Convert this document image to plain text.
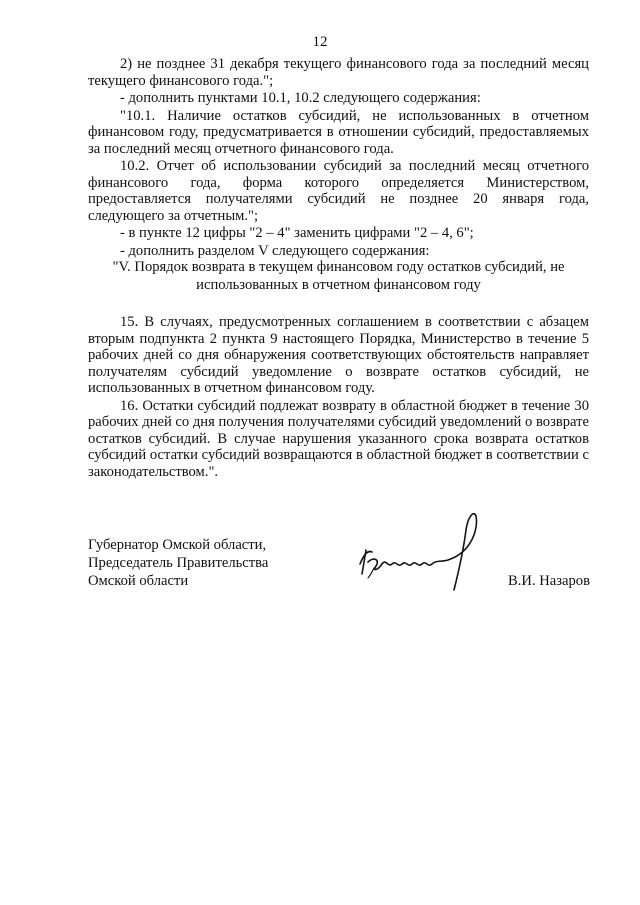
12

2) не позднее 31 декабря текущего финансового года за последний месяц текущего финансового года.";

- дополнить пунктами 10.1, 10.2 следующего содержания:

"10.1. Наличие остатков субсидий, не использованных в отчетном финансовом году, предусматривается в отношении субсидий, предоставляемых за последний месяц отчетного финансового года.

10.2. Отчет об использовании субсидий за последний месяц отчетного финансового года, форма которого определяется Министерством, предоставляется получателями субсидий не позднее 20 января года, следующего за отчетным.";

- в пункте 12 цифры "2 – 4" заменить цифрами "2 – 4, 6";

- дополнить разделом V следующего содержания:

"V. Порядок возврата в текущем финансовом году остатков субсидий, не

использованных в отчетном финансовом году

15. В случаях, предусмотренных соглашением в соответствии с абзацем вторым подпункта 2 пункта 9 настоящего Порядка, Министерство в течение 5 рабочих дней со дня обнаружения соответствующих обстоятельств направляет получателям субсидий уведомление о возврате остатков субсидий, не использованных в отчетном финансовом году.

16. Остатки субсидий подлежат возврату в областной бюджет в течение 30 рабочих дней со дня получения получателями субсидий уведомлений о возврате остатков субсидий. В случае нарушения указанного срока возврата остатков субсидий остатки субсидий возвращаются в областной бюджет в соответствии с законодательством.".

Губернатор Омской области,
Председатель Правительства
Омской области	В.И. Назаров
